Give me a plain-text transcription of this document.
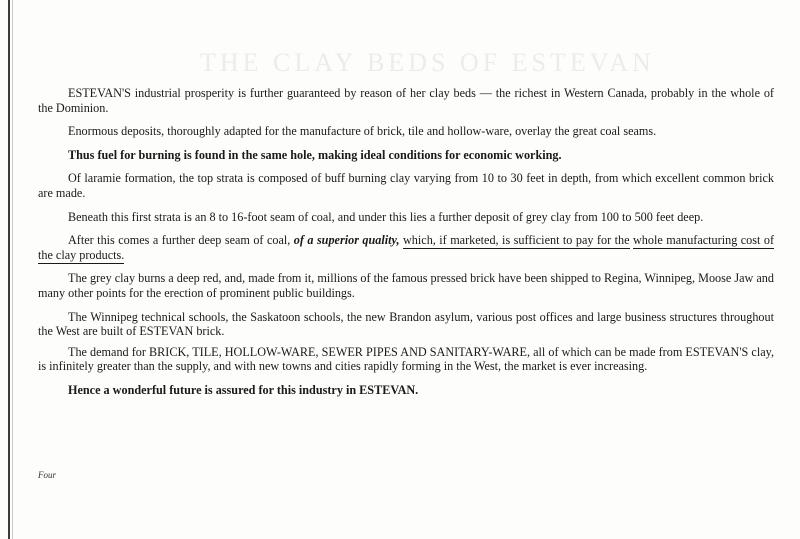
THE CLAY BEDS OF ESTEVAN

ESTEVAN'S industrial prosperity is further guaranteed by reason of her clay beds — the richest in Western Canada, probably in the whole of the Dominion.

Enormous deposits, thoroughly adapted for the manufacture of brick, tile and hollow-ware, overlay the great coal seams.

Thus fuel for burning is found in the same hole, making ideal conditions for economic working.

Of laramie formation, the top strata is composed of buff burning clay varying from 10 to 30 feet in depth, from which excellent common brick are made.

Beneath this first strata is an 8 to 16-foot seam of coal, and under this lies a further deposit of grey clay from 100 to 500 feet deep.

After this comes a further deep seam of coal, of a superior quality, which, if marketed, is sufficient to pay for the whole manufacturing cost of the clay products.

The grey clay burns a deep red, and, made from it, millions of the famous pressed brick have been shipped to Regina, Winnipeg, Moose Jaw and many other points for the erection of prominent public buildings.

The Winnipeg technical schools, the Saskatoon schools, the new Brandon asylum, various post offices and large business structures throughout the West are built of ESTEVAN brick.

The demand for BRICK, TILE, HOLLOW-WARE, SEWER PIPES AND SANITARY-WARE, all of which can be made from ESTEVAN'S clay, is infinitely greater than the supply, and with new towns and cities rapidly forming in the West, the market is ever increasing.

Hence a wonderful future is assured for this industry in ESTEVAN.

Four
